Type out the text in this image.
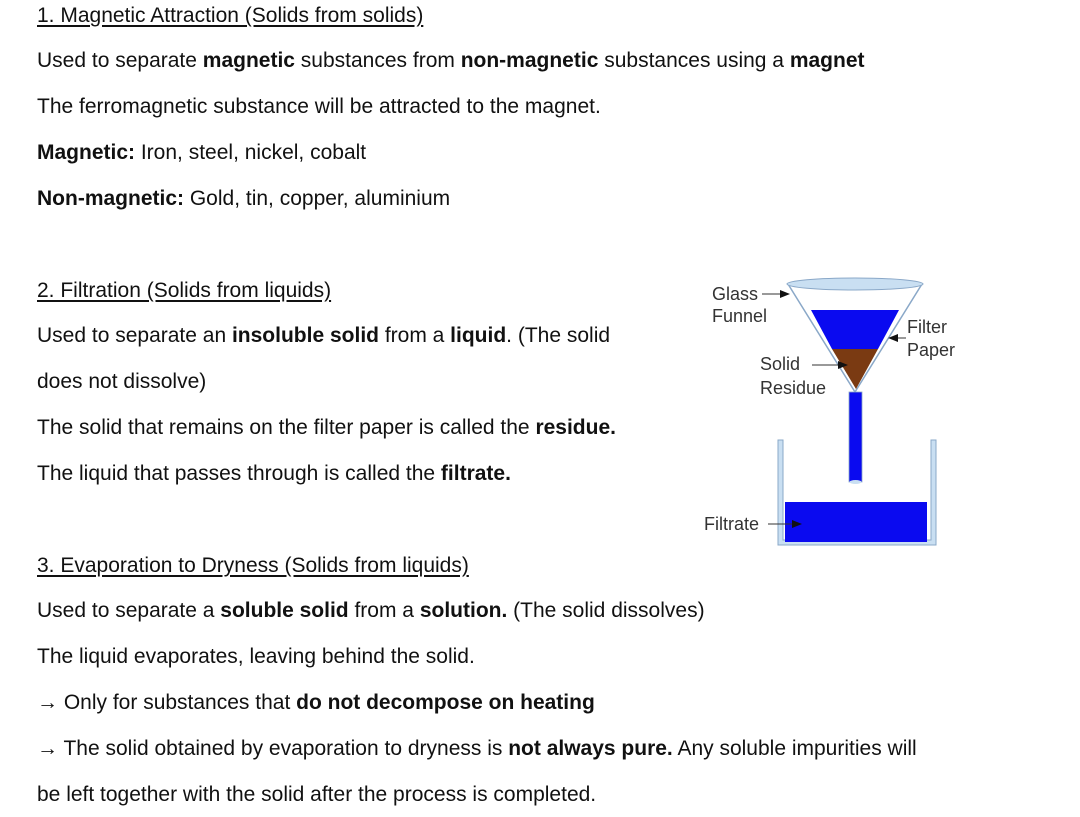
1. Magnetic Attraction (Solids from solids)
Used to separate magnetic substances from non-magnetic substances using a magnet
The ferromagnetic substance will be attracted to the magnet.
Magnetic: Iron, steel, nickel, cobalt
Non-magnetic: Gold, tin, copper, aluminium
2. Filtration (Solids from liquids)
Used to separate an insoluble solid from a liquid. (The solid
does not dissolve)
The solid that remains on the filter paper is called the residue.
The liquid that passes through is called the filtrate.
3. Evaporation to Dryness (Solids from liquids)
Used to separate a soluble solid from a solution. (The solid dissolves)
The liquid evaporates, leaving behind the solid.
→ Only for substances that do not decompose on heating
→ The solid obtained by evaporation to dryness is not always pure. Any soluble impurities will
be left together with the solid after the process is completed.
Glass
Funnel
Filter
Paper
Solid
Residue
Filtrate
